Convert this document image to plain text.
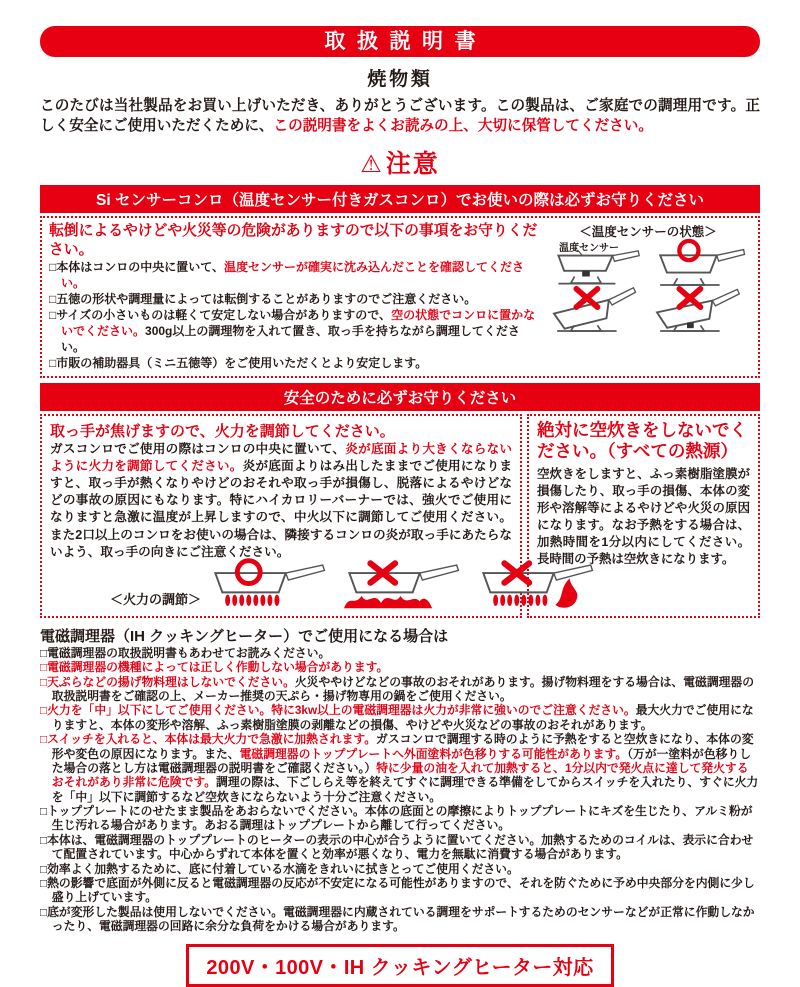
取扱説明書
焼物類

このたびは当社製品をお買い上げいただき、ありがとうございます。この製品は、ご家庭での調理用です。正しく安全にご使用いただくために、この説明書をよくお読みの上、大切に保管してください。

⚠注意
Si センサーコンロ（温度センサー付きガスコンロ）でお使いの際は必ずお守りください
転倒によるやけどや火災等の危険がありますので以下の事項をお守りください。
□本体はコンロの中央に置いて、温度センサーが確実に沈み込んだことを確認してください。
□五徳の形状や調理量によっては転倒することがありますのでご注意ください。
□サイズの小さいものは軽くて安定しない場合がありますので、空の状態でコンロに置かないでください。300g以上の調理物を入れて置き、取っ手を持ちながら調理してください。
□市販の補助器具（ミニ五徳等）をご使用いただくとより安定します。
＜温度センサーの状態＞
温度センサー
安全のために必ずお守りください
取っ手が焦げますので、火力を調節してください。

ガスコンロでご使用の際はコンロの中央に置いて、炎が底面より大きくならないように火力を調節してください。炎が底面よりはみ出したままでご使用になりますと、取っ手が熱くなりやけどのおそれや取っ手が損傷し、脱落によるやけどなどの事故の原因にもなります。特にハイカロリーバーナーでは、強火でご使用になりますと急激に温度が上昇しますので、中火以下に調節してご使用ください。また2口以上のコンロをお使いの場合は、隣接するコンロの炎が取っ手にあたらないよう、取っ手の向きにご注意ください。

＜火力の調節＞
絶対に空炊きをしないでください。（すべての熱源）

空炊きをしますと、ふっ素樹脂塗膜が損傷したり、取っ手の損傷、本体の変形や溶解等によるやけどや火災の原因になります。なお予熱をする場合は、加熱時間を1分以内にしてください。長時間の予熱は空炊きになります。

電磁調理器（IH クッキングヒーター）でご使用になる場合は
□電磁調理器の取扱説明書もあわせてお読みください。
□電磁調理器の機種によっては正しく作動しない場合があります。
□天ぷらなどの揚げ物料理はしないでください。火災ややけどなどの事故のおそれがあります。揚げ物料理をする場合は、電磁調理器の取扱説明書をご確認の上、メーカー推奨の天ぷら・揚げ物専用の鍋をご使用ください。
□火力を「中」以下にしてご使用ください。特に3kw以上の電磁調理器は火力が非常に強いのでご注意ください。最大火力でご使用になりますと、本体の変形や溶解、ふっ素樹脂塗膜の剥離などの損傷、やけどや火災などの事故のおそれがあります。
□スイッチを入れると、本体は最大火力で急激に加熱されます。ガスコンロで調理する時のように予熱をすると空炊きになり、本体の変形や変色の原因になります。また、電磁調理器のトッププレートへ外面塗料が色移りする可能性があります。（万が一塗料が色移りした場合の落とし方は電磁調理器の説明書をご確認ください。）特に少量の油を入れて加熱すると、1分以内で発火点に達して発火するおそれがあり非常に危険です。調理の際は、下ごしらえ等を終えてすぐに調理できる準備をしてからスイッチを入れたり、すぐに火力を「中」以下に調節するなど空炊きにならないよう十分ご注意ください。
□トッププレートにのせたまま製品をあおらないでください。本体の底面との摩擦によりトッププレートにキズを生じたり、アルミ粉が生じ汚れる場合があります。あおる調理はトッププレートから離して行ってください。
□本体は、電磁調理器のトッププレートのヒーターの表示の中心が合うように置いてください。加熱するためのコイルは、表示に合わせて配置されています。中心からずれて本体を置くと効率が悪くなり、電力を無駄に消費する場合があります。
□効率よく加熱するために、底に付着している水滴をきれいに拭きとってご使用ください。
□熱の影響で底面が外側に反ると電磁調理器の反応が不安定になる可能性がありますので、それを防ぐために予め中央部分を内側に少し盛り上げています。
□底が変形した製品は使用しないでください。電磁調理器に内蔵されている調理をサポートするためのセンサーなどが正常に作動しなかったり、電磁調理器の回路に余分な負荷をかける場合があります。
200V・100V・IH クッキングヒーター対応
